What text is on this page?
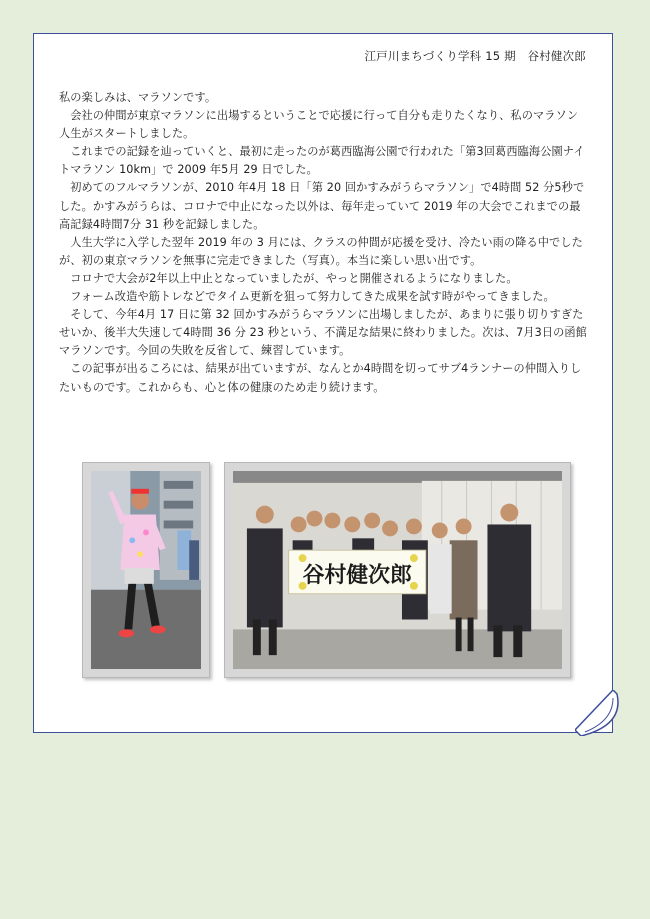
江戸川まちづくり学科 15 期　谷村健次郎

私の楽しみは、マラソンです。

会社の仲間が東京マラソンに出場するということで応援に行って自分も走りたくなり、私のマラソン人生がスタートしました。

これまでの記録を辿っていくと、最初に走ったのが葛西臨海公園で行われた「第3回葛西臨海公園ナイトマラソン 10km」で 2009 年5月 29 日でした。

初めてのフルマラソンが、2010 年4月 18 日「第 20 回かすみがうらマラソン」で4時間 52 分5秒でした。かすみがうらは、コロナで中止になった以外は、毎年走っていて 2019 年の大会でこれまでの最高記録4時間7分 31 秒を記録しました。

人生大学に入学した翌年 2019 年の 3 月には、クラスの仲間が応援を受け、冷たい雨の降る中でしたが、初の東京マラソンを無事に完走できました（写真）。本当に楽しい思い出です。

コロナで大会が2年以上中止となっていましたが、やっと開催されるようになりました。

フォーム改造や筋トレなどでタイム更新を狙って努力してきた成果を試す時がやってきました。

そして、今年4月 17 日に第 32 回かすみがうらマラソンに出場しましたが、あまりに張り切りすぎたせいか、後半大失速して4時間 36 分 23 秒という、不満足な結果に終わりました。次は、7月3日の函館マラソンです。今回の失敗を反省して、練習しています。

この記事が出るころには、結果が出ていますが、なんとか4時間を切ってサブ4ランナーの仲間入りしたいものです。これからも、心と体の健康のため走り続けます。

谷村健次郎
